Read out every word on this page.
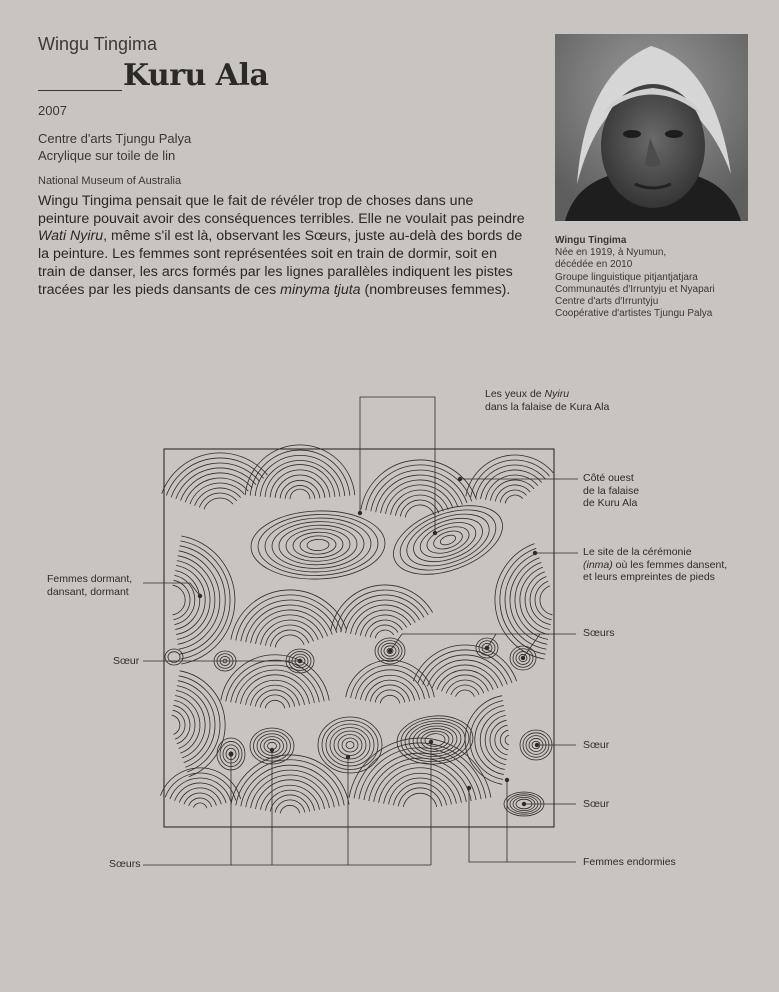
Wingu Tingima
Kuru Ala
2007
Centre d'arts Tjungu Palya
Acrylique sur toile de lin
National Museum of Australia
Wingu Tingima pensait que le fait de révéler trop de choses dans une peinture pouvait avoir des conséquences terribles. Elle ne voulait pas peindre Wati Nyiru, même s'il est là, observant les Sœurs, juste au-delà des bords de la peinture. Les femmes sont représentées soit en train de dormir, soit en train de danser, les arcs formés par les lignes parallèles indiquent les pistes tracées par les pieds dansants de ces minyma tjuta (nombreuses femmes).
Wingu Tingima
Née en 1919, à Nyumun,
décédée en 2010
Groupe linguistique pitjantjatjara
Communautés d'Irruntyju et Nyapari
Centre d'arts d'Irruntyju
Coopérative d'artistes Tjungu Palya
Les yeux de Nyiru
dans la falaise de Kura Ala
Côté ouest
de la falaise
de Kuru Ala
Le site de la cérémonie
(inma) où les femmes dansent,
et leurs empreintes de pieds
Femmes dormant,
dansant, dormant
Sœur
Sœurs
Sœur
Sœur
Sœurs	Femmes endormies
